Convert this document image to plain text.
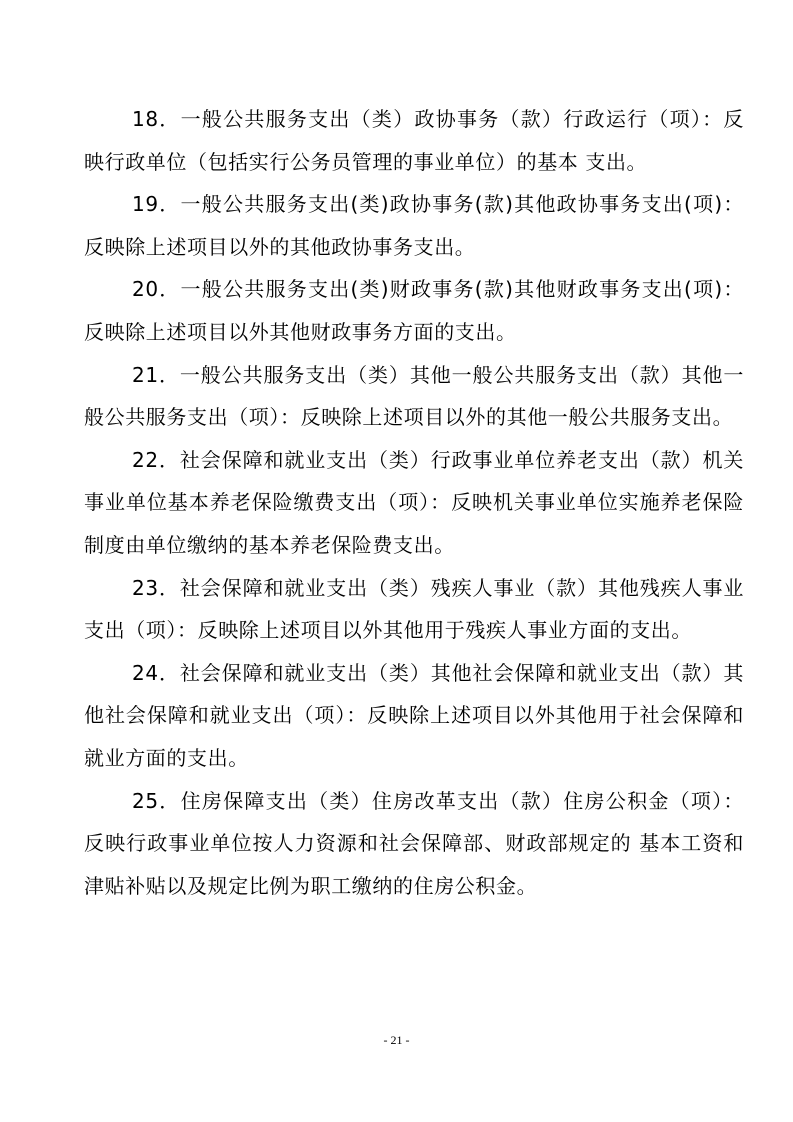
18．一般公共服务支出（类）政协事务（款）行政运行（项）：反映行政单位（包括实行公务员管理的事业单位）的基本 支出。

19．一般公共服务支出(类)政协事务(款)其他政协事务支出(项)：反映除上述项目以外的其他政协事务支出。

20．一般公共服务支出(类)财政事务(款)其他财政事务支出(项)：反映除上述项目以外其他财政事务方面的支出。

21．一般公共服务支出（类）其他一般公共服务支出（款）其他一般公共服务支出（项）：反映除上述项目以外的其他一般公共服务支出。

22．社会保障和就业支出（类）行政事业单位养老支出（款）机关事业单位基本养老保险缴费支出（项）：反映机关事业单位实施养老保险制度由单位缴纳的基本养老保险费支出。

23．社会保障和就业支出（类）残疾人事业（款）其他残疾人事业支出（项）：反映除上述项目以外其他用于残疾人事业方面的支出。

24．社会保障和就业支出（类）其他社会保障和就业支出（款）其他社会保障和就业支出（项）：反映除上述项目以外其他用于社会保障和就业方面的支出。

25．住房保障支出（类）住房改革支出（款）住房公积金（项）：反映行政事业单位按人力资源和社会保障部、财政部规定的 基本工资和津贴补贴以及规定比例为职工缴纳的住房公积金。

- 21 -
